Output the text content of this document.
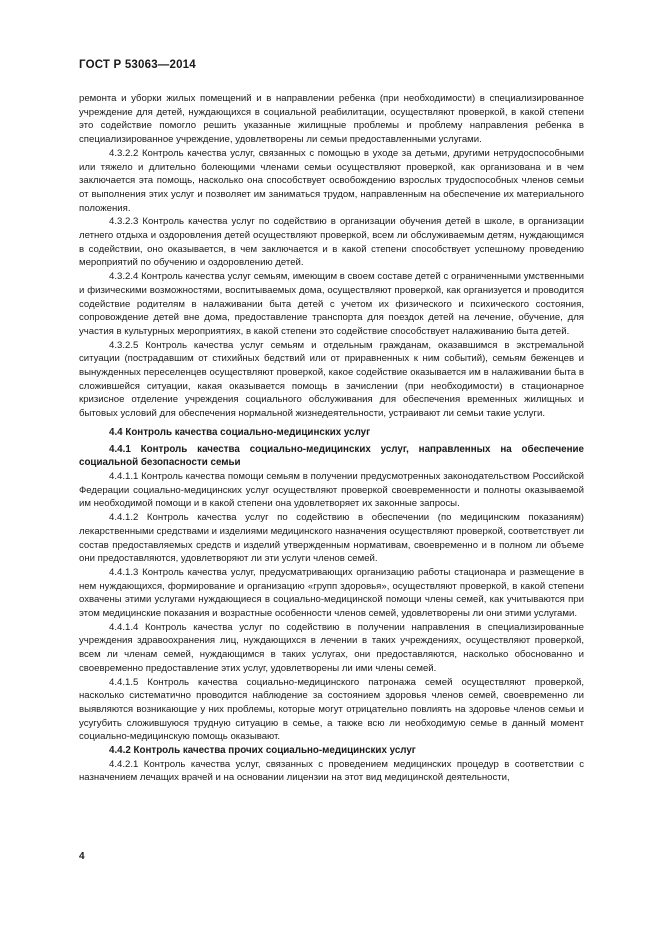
ГОСТ Р 53063—2014

ремонта и уборки жилых помещений и в направлении ребенка (при необходимости) в специализированное учреждение для детей, нуждающихся в социальной реабилитации, осуществляют проверкой, в какой степени это содействие помогло решить указанные жилищные проблемы и проблему направления ребенка в специализированное учреждение, удовлетворены ли семьи предоставленными услугами.

4.3.2.2 Контроль качества услуг, связанных с помощью в уходе за детьми, другими нетрудоспособными или тяжело и длительно болеющими членами семьи осуществляют проверкой, как организована и в чем заключается эта помощь, насколько она способствует освобождению взрослых трудоспособных членов семьи от выполнения этих услуг и позволяет им заниматься трудом, направленным на обеспечение их материального положения.

4.3.2.3 Контроль качества услуг по содействию в организации обучения детей в школе, в организации летнего отдыха и оздоровления детей осуществляют проверкой, всем ли обслуживаемым детям, нуждающимся в содействии, оно оказывается, в чем заключается и в какой степени способствует успешному проведению мероприятий по обучению и оздоровлению детей.

4.3.2.4 Контроль качества услуг семьям, имеющим в своем составе детей с ограниченными умственными и физическими возможностями, воспитываемых дома, осуществляют проверкой, как организуется и проводится содействие родителям в налаживании быта детей с учетом их физического и психического состояния, сопровождение детей вне дома, предоставление транспорта для поездок детей на лечение, обучение, для участия в культурных мероприятиях, в какой степени это содействие способствует налаживанию быта детей.

4.3.2.5 Контроль качества услуг семьям и отдельным гражданам, оказавшимся в экстремальной ситуации (пострадавшим от стихийных бедствий или от приравненных к ним событий), семьям беженцев и вынужденных переселенцев осуществляют проверкой, какое содействие оказывается им в налаживании быта в сложившейся ситуации, какая оказывается помощь в зачислении (при необходимости) в стационарное кризисное отделение учреждения социального обслуживания для обеспечения временных жилищных и бытовых условий для обеспечения нормальной жизнедеятельности, устраивают ли семьи такие услуги.

4.4 Контроль качества социально-медицинских услуг
4.4.1 Контроль качества социально-медицинских услуг, направленных на обеспечение социальной безопасности семьи

4.4.1.1 Контроль качества помощи семьям в получении предусмотренных законодательством Российской Федерации социально-медицинских услуг осуществляют проверкой своевременности и полноты оказываемой им необходимой помощи и в какой степени она удовлетворяет их законные запросы.

4.4.1.2 Контроль качества услуг по содействию в обеспечении (по медицинским показаниям) лекарственными средствами и изделиями медицинского назначения осуществляют проверкой, соответствует ли состав предоставляемых средств и изделий утвержденным нормативам, своевременно и в полном ли объеме они предоставляются, удовлетворяют ли эти услуги членов семей.

4.4.1.3 Контроль качества услуг, предусматривающих организацию работы стационара и размещение в нем нуждающихся, формирование и организацию «групп здоровья», осуществляют проверкой, в какой степени охвачены этими услугами нуждающиеся в социально-медицинской помощи члены семей, как учитываются при этом медицинские показания и возрастные особенности членов семей, удовлетворены ли они этими услугами.

4.4.1.4 Контроль качества услуг по содействию в получении направления в специализированные учреждения здравоохранения лиц, нуждающихся в лечении в таких учреждениях, осуществляют проверкой, всем ли членам семей, нуждающимся в таких услугах, они предоставляются, насколько обоснованно и своевременно предоставление этих услуг, удовлетворены ли ими члены семей.

4.4.1.5 Контроль качества социально-медицинского патронажа семей осуществляют проверкой, насколько систематично проводится наблюдение за состоянием здоровья членов семей, своевременно ли выявляются возникающие у них проблемы, которые могут отрицательно повлиять на здоровье членов семьи и усугубить сложившуюся трудную ситуацию в семье, а также всю ли необходимую семье в данный момент социально-медицинскую помощь оказывают.

4.4.2 Контроль качества прочих социально-медицинских услуг

4.4.2.1 Контроль качества услуг, связанных с проведением медицинских процедур в соответствии с назначением лечащих врачей и на основании лицензии на этот вид медицинской деятельности,

4
